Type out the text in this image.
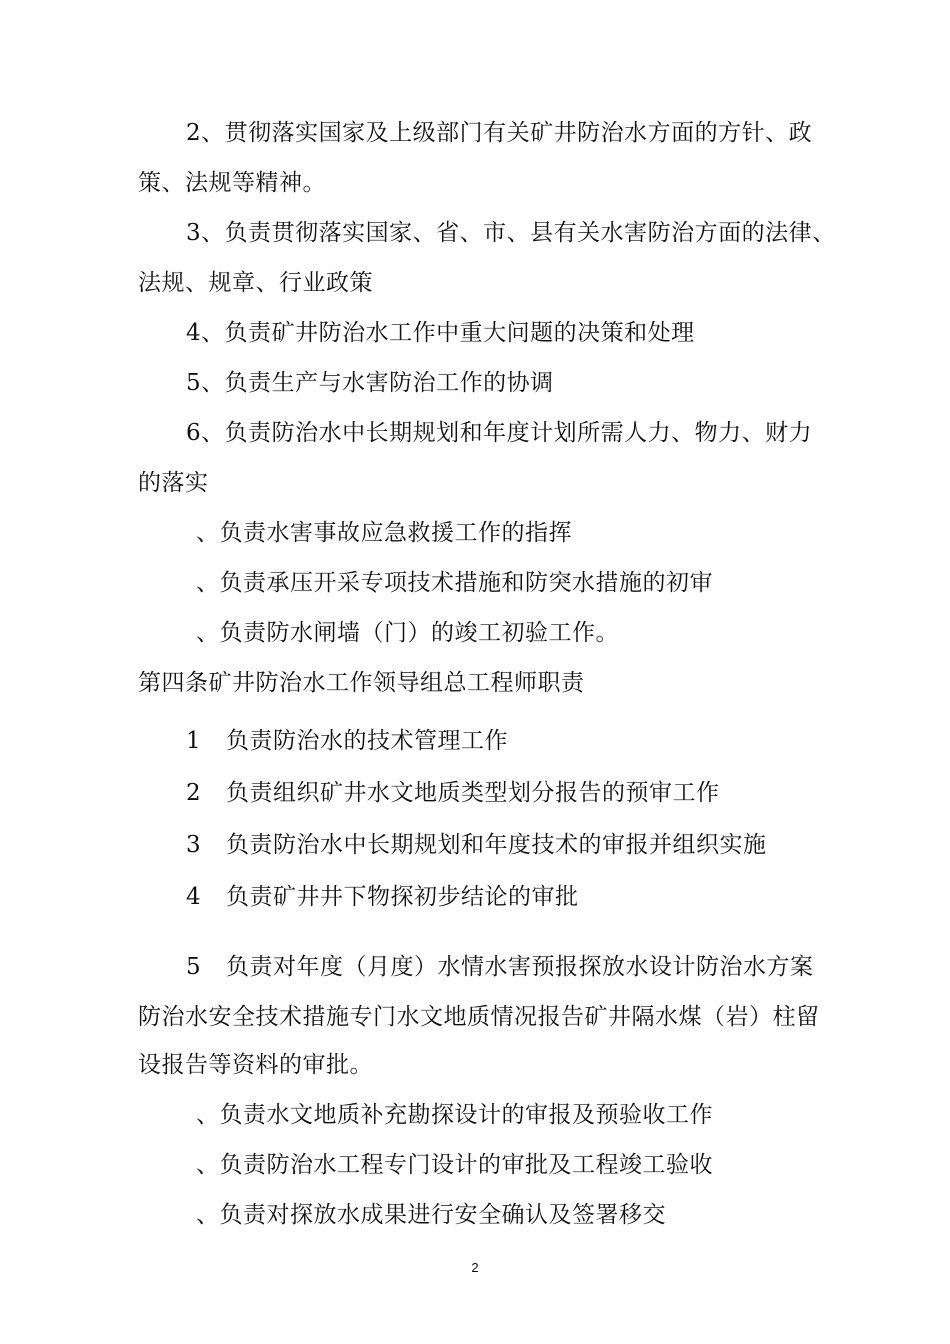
2、贯彻落实国家及上级部门有关矿井防治水方面的方针、政

策、法规等精神。

3、负责贯彻落实国家、省、市、县有关水害防治方面的法律、

法规、规章、行业政策

4、负责矿井防治水工作中重大问题的决策和处理

5、负责生产与水害防治工作的协调

6、负责防治水中长期规划和年度计划所需人力、物力、财力

的落实

、负责水害事故应急救援工作的指挥

、负责承压开采专项技术措施和防突水措施的初审

、负责防水闸墙（门）的竣工初验工作。

第四条矿井防治水工作领导组总工程师职责

1 负责防治水的技术管理工作

2 负责组织矿井水文地质类型划分报告的预审工作

3 负责防治水中长期规划和年度技术的审报并组织实施

4 负责矿井井下物探初步结论的审批

5 负责对年度（月度）水情水害预报探放水设计防治水方案

防治水安全技术措施专门水文地质情况报告矿井隔水煤（岩）柱留

设报告等资料的审批。

、负责水文地质补充勘探设计的审报及预验收工作

、负责防治水工程专门设计的审批及工程竣工验收

、负责对探放水成果进行安全确认及签署移交

2
